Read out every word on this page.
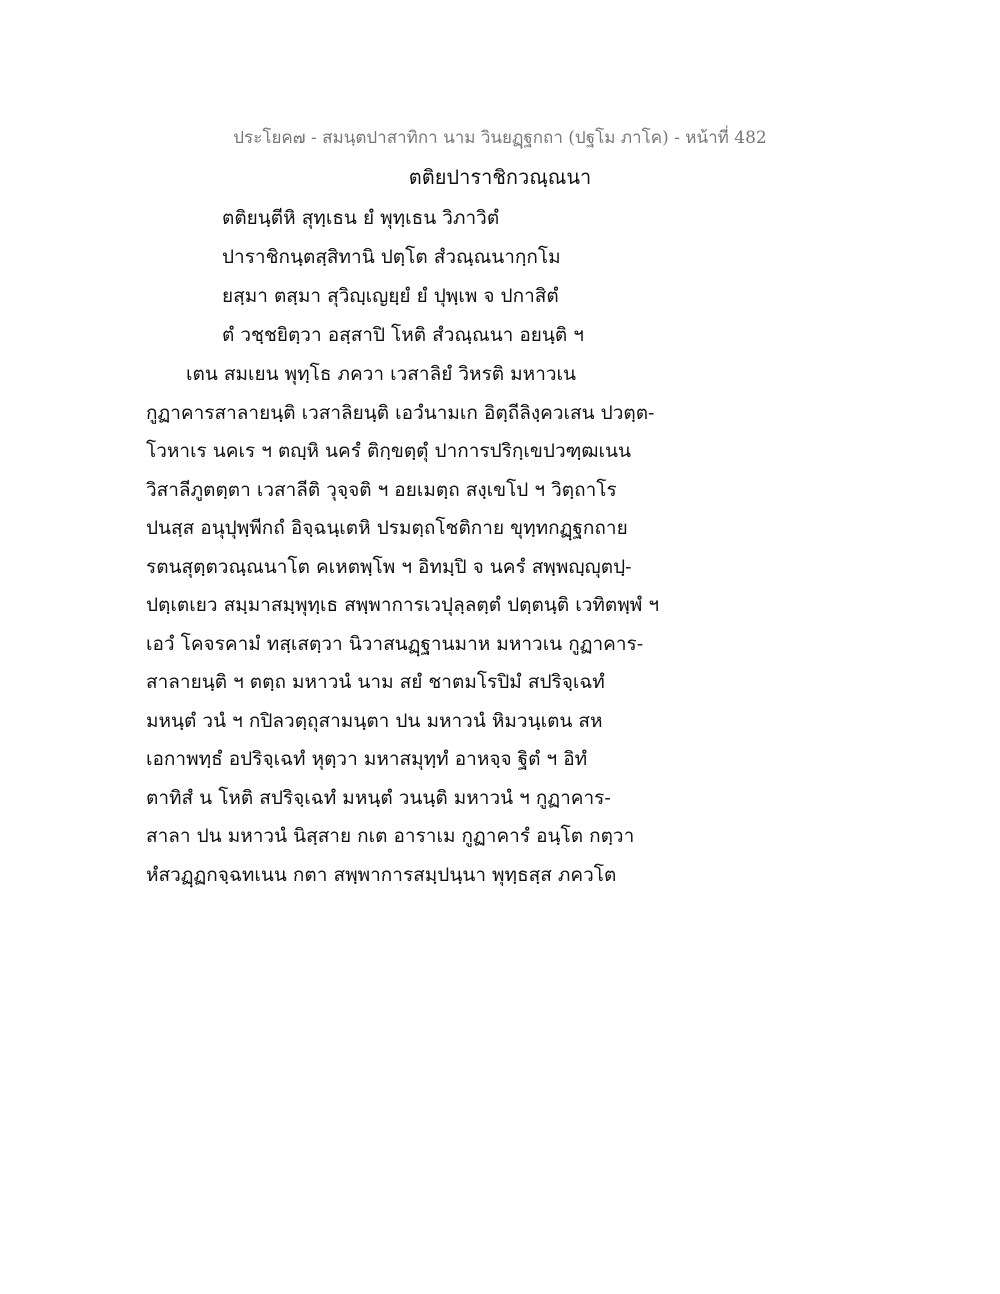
ประโยค๗ - สมนฺตปาสาทิกา นาม วินยฏฺฐกถา (ปฐโม ภาโค) - หน้าที่ 482
ตติยปาราชิกวณฺณนา
ตติยนฺตีหิ สุทฺเธน ยํ พุทฺเธน วิภาวิตํ
ปาราชิกนฺตสฺสิทานิ ปตฺโต สํวณฺณนากฺกโม
ยสฺมา ตสฺมา สุวิญฺเญยฺยํ ยํ ปุพฺเพ จ ปกาสิตํ
ตํ วชฺชยิตฺวา อสฺสาปิ โหติ สํวณฺณนา อยนฺติ ฯ
เตน สมเยน พุทฺโธ ภควา เวสาลิยํ วิหรติ มหาวเน
กูฏาคารสาลายนฺติ เวสาลิยนฺติ เอวํนามเก อิตฺถีลิงฺควเสน ปวตฺต-
โวหาเร นคเร ฯ ตญฺหิ นครํ ติกฺขตฺตุํ ปาการปริกฺเขปวฑฺฒเนน
วิสาลีภูตตฺตา เวสาลีติ วุจฺจติ ฯ อยเมตฺถ สงฺเขโป ฯ วิตฺถาโร
ปนสฺส อนุปุพฺพีกถํ อิจฺฉนฺเตหิ ปรมตฺถโชติกาย ขุทฺทกฏฺฐกถาย
รตนสุตฺตวณฺณนาโต คเหตพฺโพ ฯ อิทมฺปิ จ นครํ สพฺพญฺญุตปฺ-
ปตฺเตเยว สมฺมาสมฺพุทฺเธ สพฺพาการเวปุลฺลตฺตํ ปตฺตนฺติ เวทิตพฺพํ ฯ
เอวํ โคจรคามํ ทสฺเสตฺวา นิวาสนฏฺฐานมาห มหาวเน กูฏาคาร-
สาลายนฺติ ฯ ตตฺถ มหาวนํ นาม สยํ ชาตมโรปิมํ สปริจฺเฉทํ
มหนฺตํ วนํ ฯ กปิลวตฺถุสามนฺตา ปน มหาวนํ หิมวนฺเตน สห
เอกาพทฺธํ อปริจฺเฉทํ หุตฺวา มหาสมุทฺทํ อาหจฺจ ฐิตํ ฯ อิทํ
ตาทิสํ น โหติ สปริจฺเฉทํ มหนฺตํ วนนฺติ มหาวนํ ฯ กูฏาคาร-
สาลา ปน มหาวนํ นิสฺสาย กเต อาราเม กูฏาคารํ อนฺโต กตฺวา
หํสวฏฺฏกจฺฉทเนน กตา สพฺพาการสมฺปนฺนา พุทฺธสฺส ภควโต
